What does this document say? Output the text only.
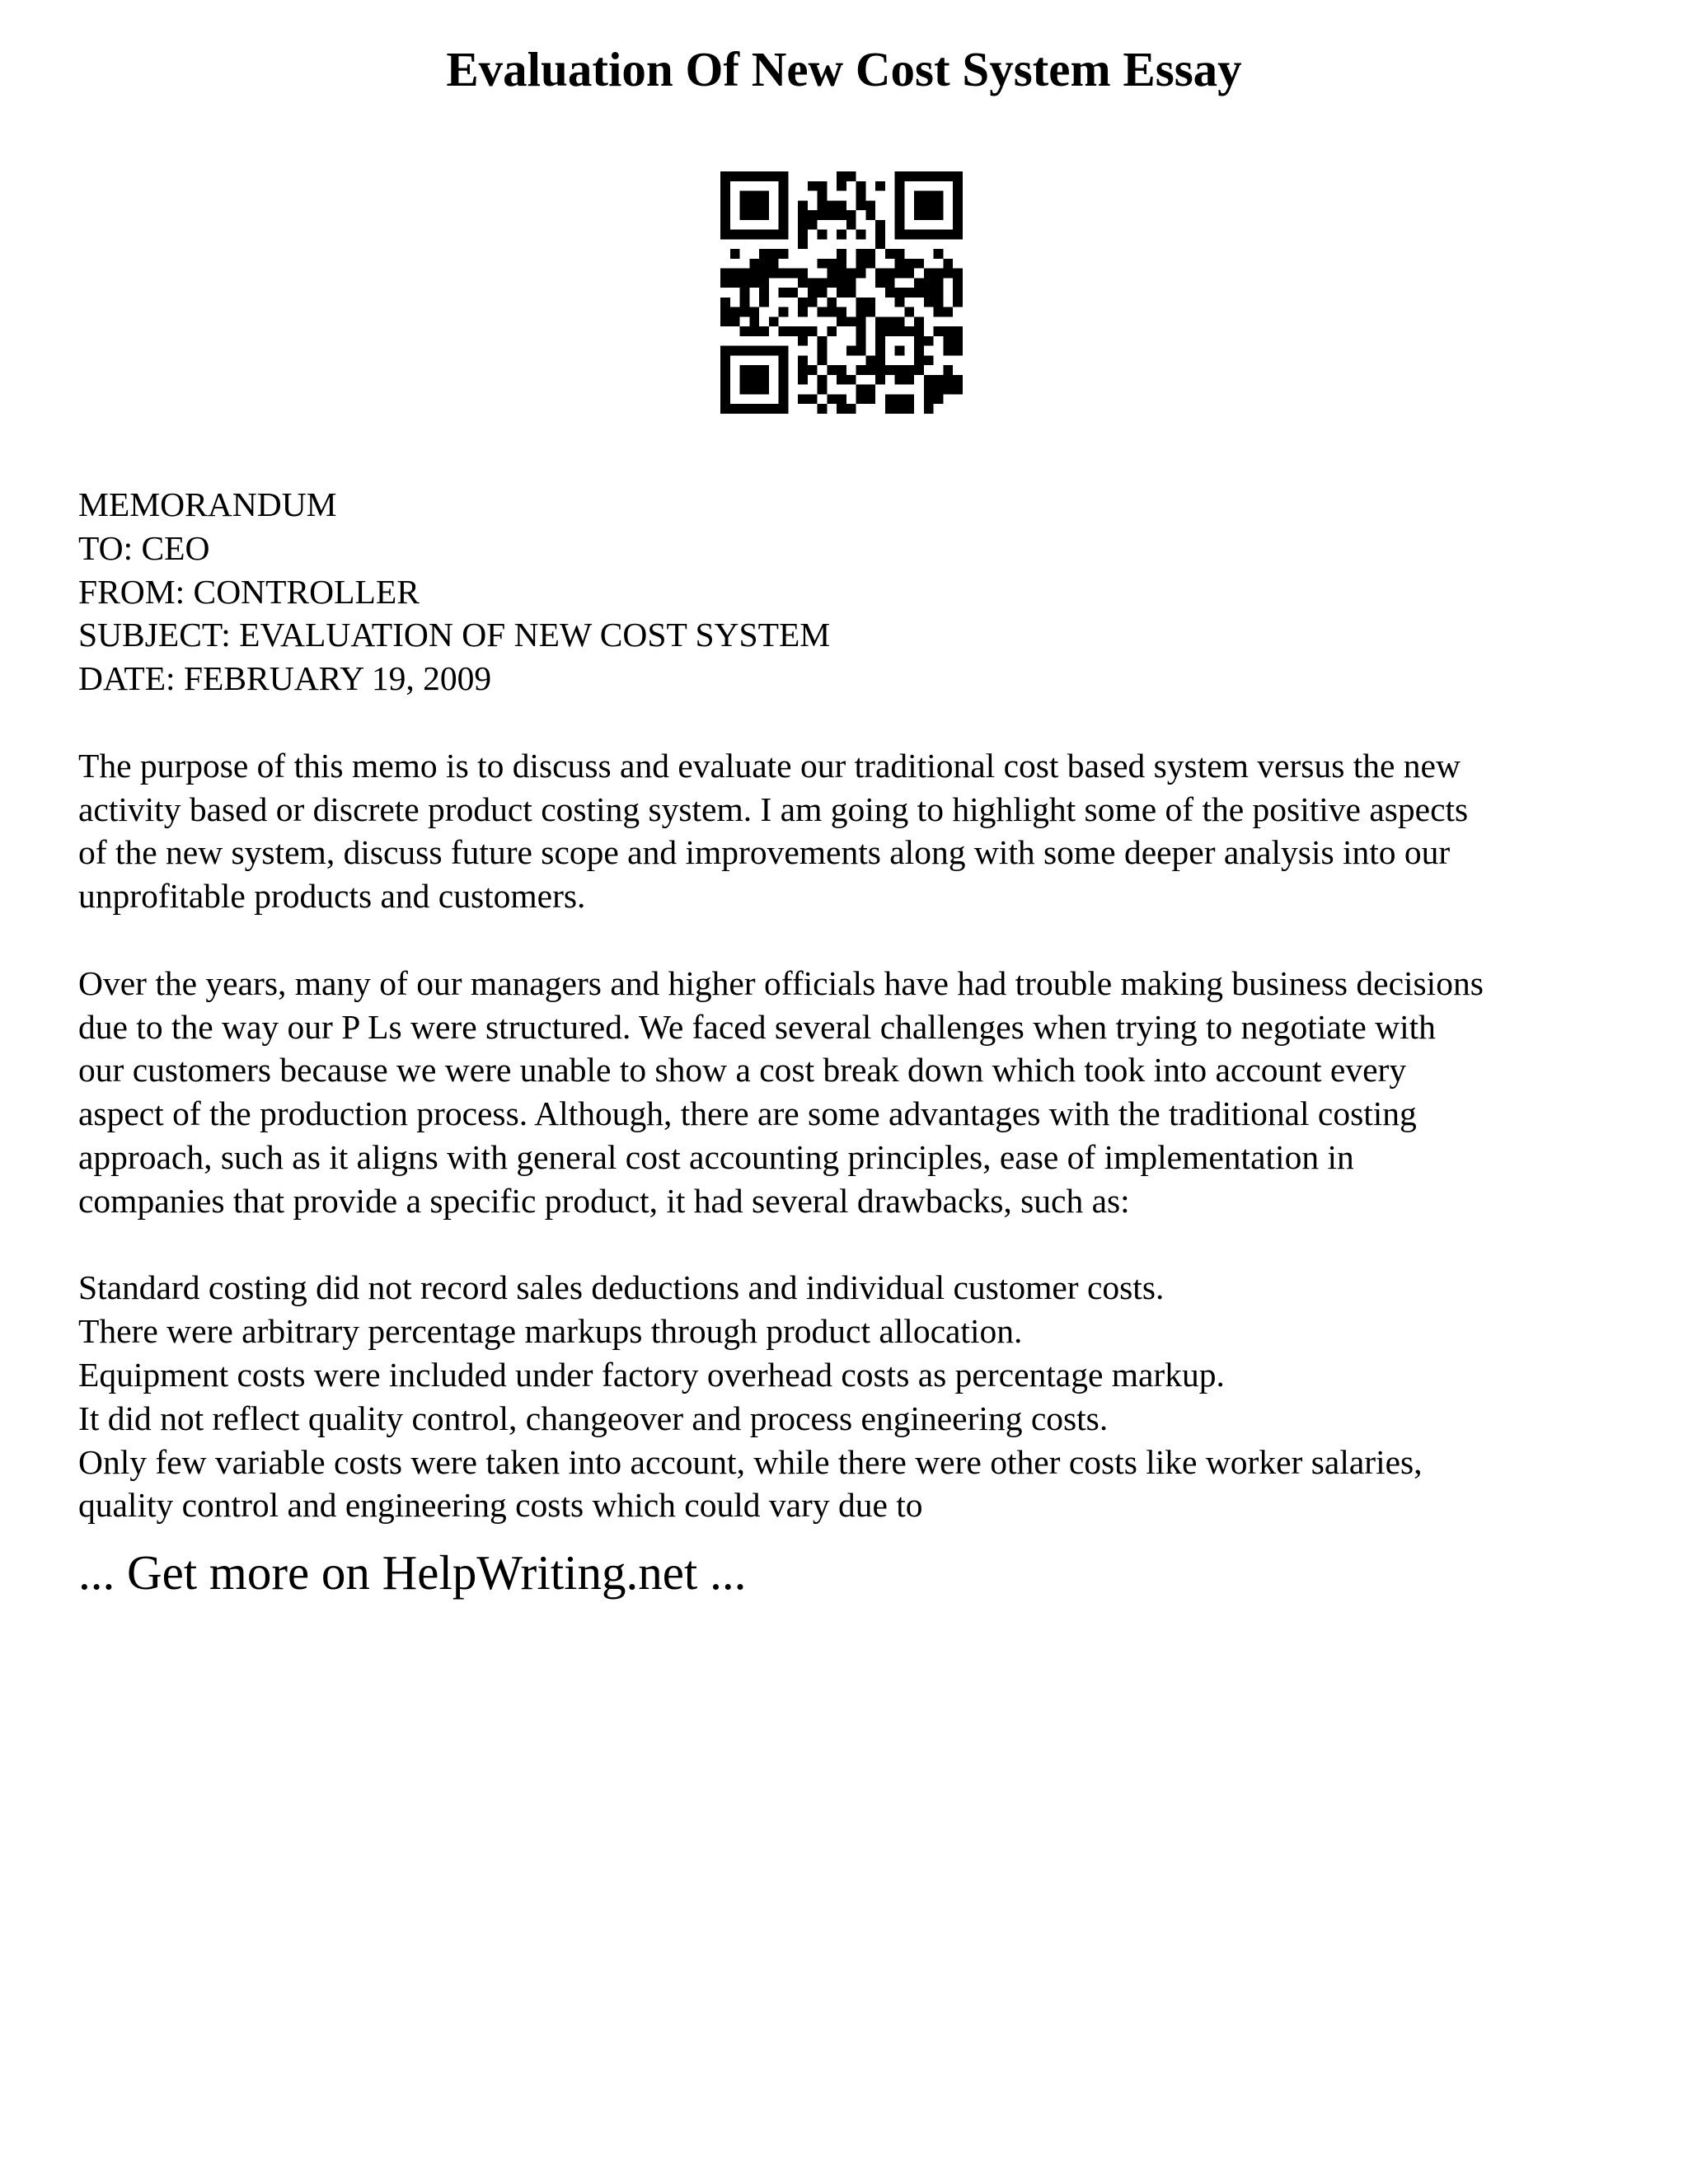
Evaluation Of New Cost System Essay
MEMORANDUM
TO: CEO
FROM: CONTROLLER
SUBJECT: EVALUATION OF NEW COST SYSTEM
DATE: FEBRUARY 19, 2009
The purpose of this memo is to discuss and evaluate our traditional cost based system versus the new
activity based or discrete product costing system. I am going to highlight some of the positive aspects
of the new system, discuss future scope and improvements along with some deeper analysis into our
unprofitable products and customers.
Over the years, many of our managers and higher officials have had trouble making business decisions
due to the way our P Ls were structured. We faced several challenges when trying to negotiate with
our customers because we were unable to show a cost break down which took into account every
aspect of the production process. Although, there are some advantages with the traditional costing
approach, such as it aligns with general cost accounting principles, ease of implementation in
companies that provide a specific product, it had several drawbacks, such as:
Standard costing did not record sales deductions and individual customer costs.
There were arbitrary percentage markups through product allocation.
Equipment costs were included under factory overhead costs as percentage markup.
It did not reflect quality control, changeover and process engineering costs.
Only few variable costs were taken into account, while there were other costs like worker salaries,
quality control and engineering costs which could vary due to
... Get more on HelpWriting.net ...
